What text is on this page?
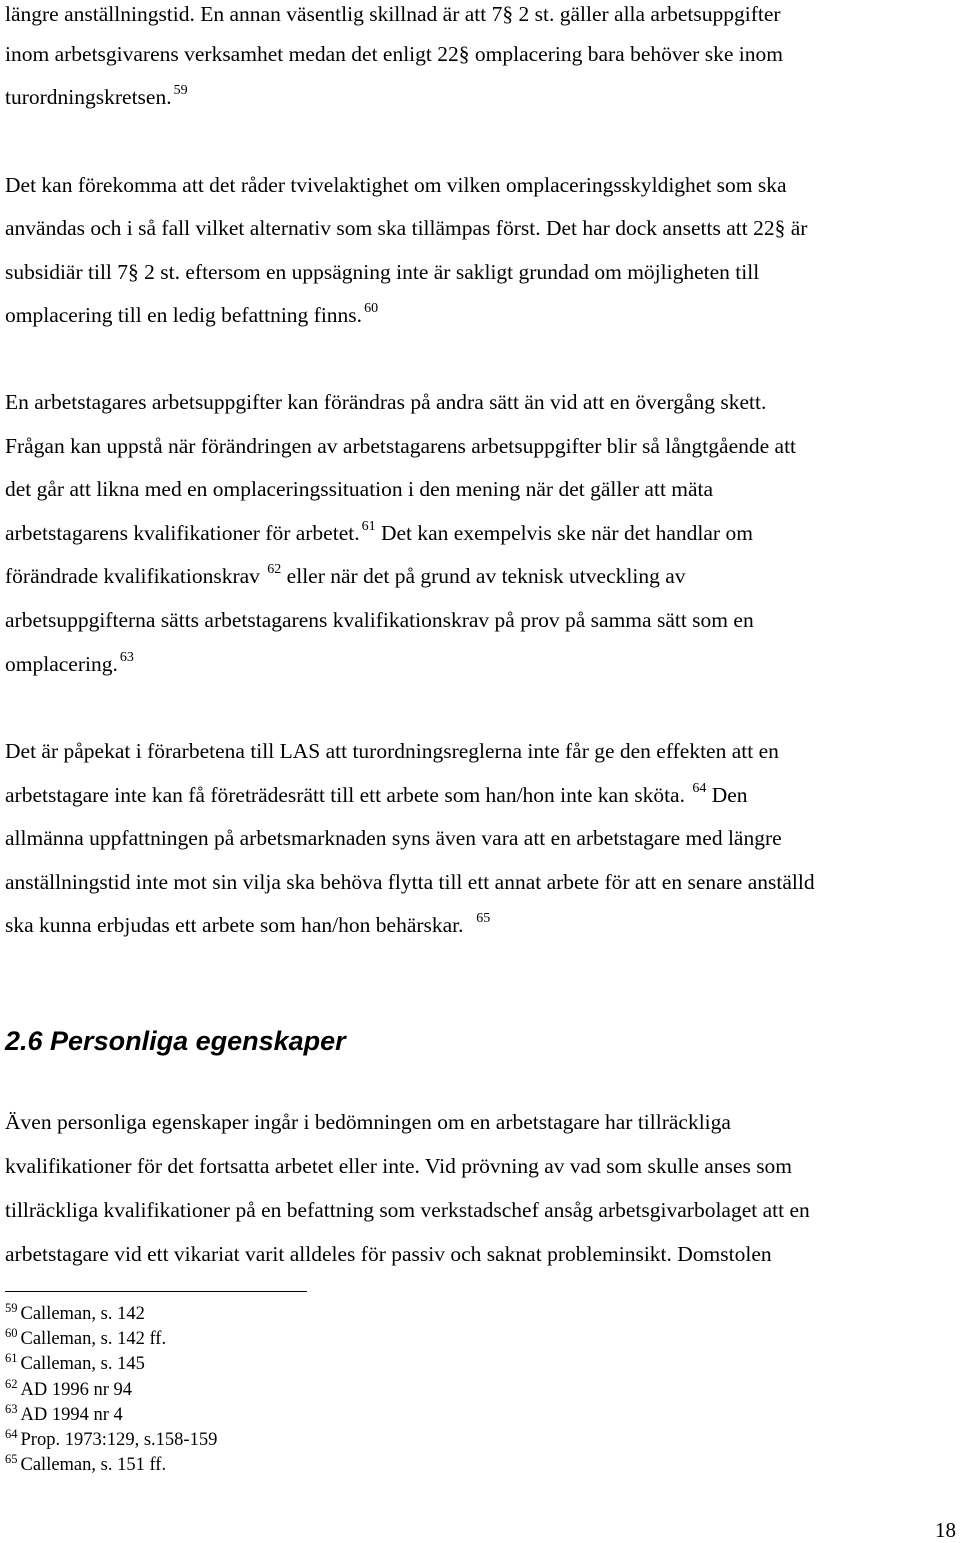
längre anställningstid. En annan väsentlig skillnad är att 7§ 2 st. gäller alla arbetsuppgifter

inom arbetsgivarens verksamhet medan det enligt 22§ omplacering bara behöver ske inom

turordningskretsen. $^{59}$

Det kan förekomma att det råder tvivelaktighet om vilken omplaceringsskyldighet som ska

användas och i så fall vilket alternativ som ska tillämpas först. Det har dock ansetts att 22§ är

subsidiär till 7§ 2 st. eftersom en uppsägning inte är sakligt grundad om möjligheten till

omplacering till en ledig befattning finns. $^{60}$

En arbetstagares arbetsuppgifter kan förändras på andra sätt än vid att en övergång skett.

Frågan kan uppstå när förändringen av arbetstagarens arbetsuppgifter blir så långtgående att

det går att likna med en omplaceringssituation i den mening när det gäller att mäta

arbetstagarens kvalifikationer för arbetet. $^{61}$ Det kan exempelvis ske när det handlar om

förändrade kvalifikationskrav $^{62}$ eller när det på grund av teknisk utveckling av

arbetsuppgifterna sätts arbetstagarens kvalifikationskrav på prov på samma sätt som en

omplacering. $^{63}$

Det är påpekat i förarbetena till LAS att turordningsreglerna inte får ge den effekten att en

arbetstagare inte kan få företrädesrätt till ett arbete som han/hon inte kan sköta. $^{64}$ Den

allmänna uppfattningen på arbetsmarknaden syns även vara att en arbetstagare med längre

anställningstid inte mot sin vilja ska behöva flytta till ett annat arbete för att en senare anställd

ska kunna erbjudas ett arbete som han/hon behärskar. $^{65}$

2.6 Personliga egenskaper

Även personliga egenskaper ingår i bedömningen om en arbetstagare har tillräckliga

kvalifikationer för det fortsatta arbetet eller inte. Vid prövning av vad som skulle anses som

tillräckliga kvalifikationer på en befattning som verkstadschef ansåg arbetsgivarbolaget att en

arbetstagare vid ett vikariat varit alldeles för passiv och saknat probleminsikt. Domstolen

$^{59}$ Calleman, s. 142
$^{60}$ Calleman, s. 142 ff.
$^{61}$ Calleman, s. 145
$^{62}$ AD 1996 nr 94
$^{63}$ AD 1994 nr 4
$^{64}$ Prop. 1973:129, s.158-159
$^{65}$ Calleman, s. 151 ff.
18
